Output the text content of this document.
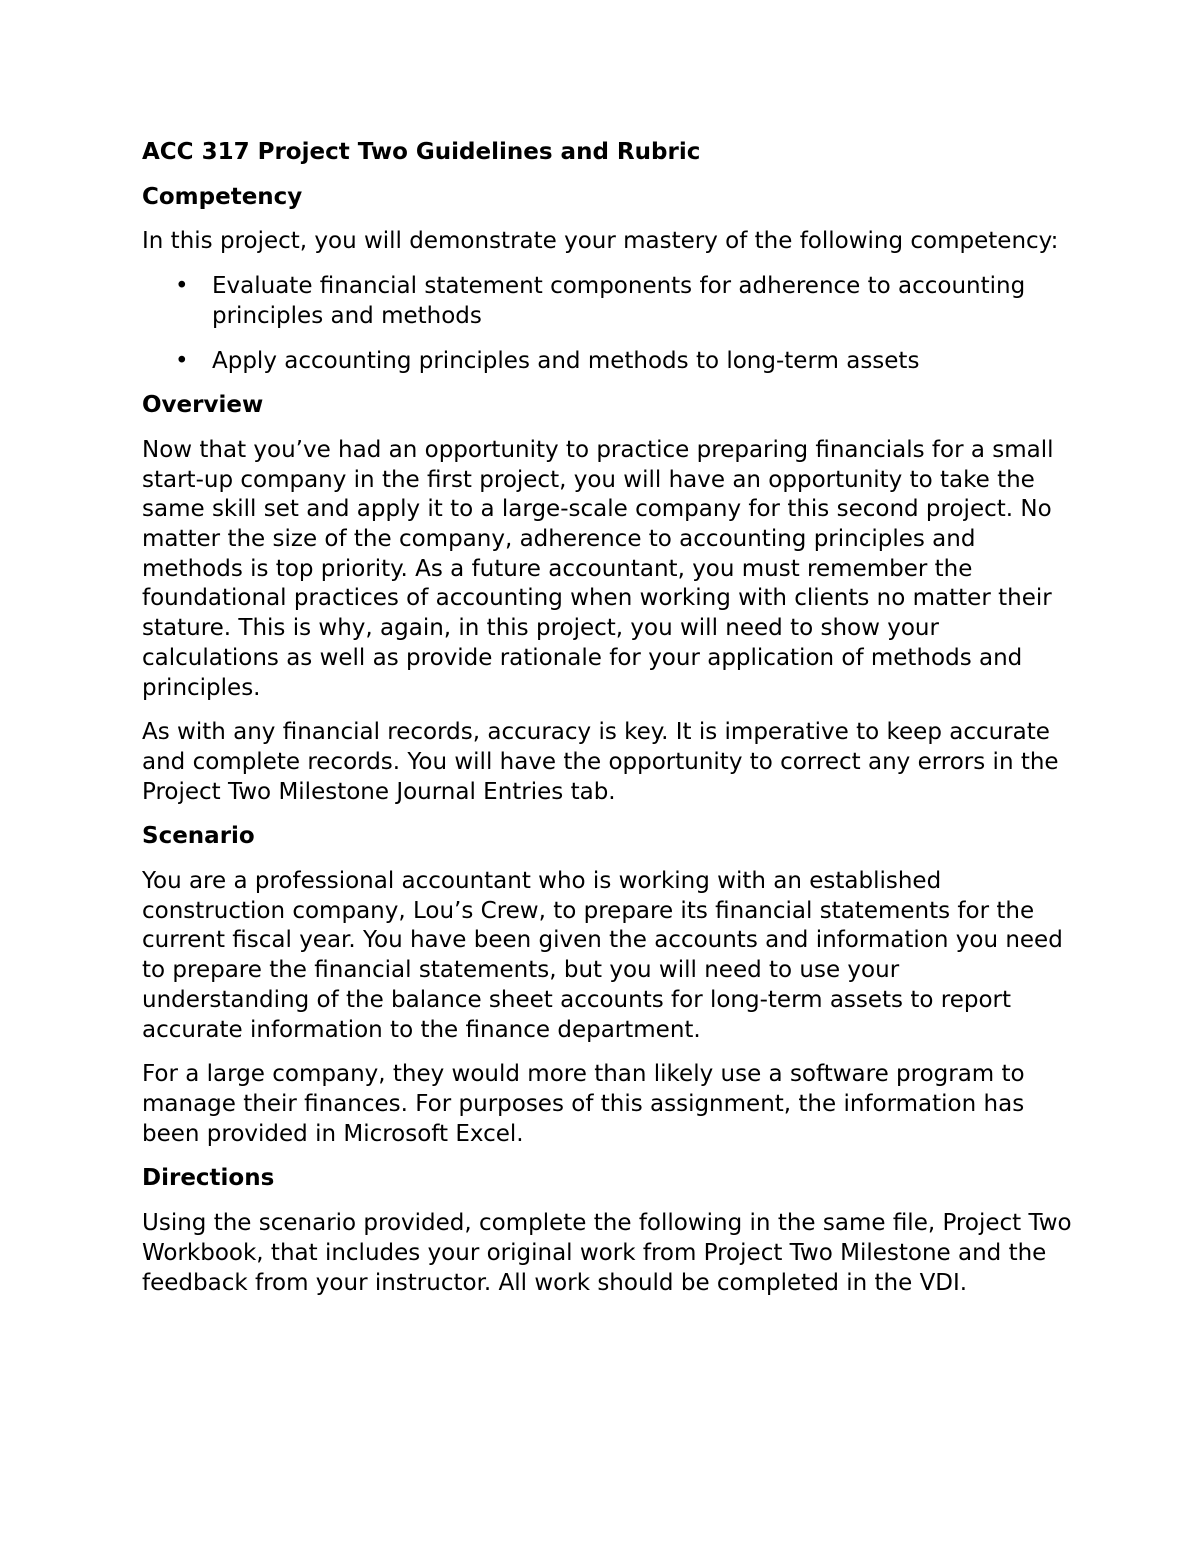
ACC 317 Project Two Guidelines and Rubric
Competency

In this project, you will demonstrate your mastery of the following competency:

• Evaluate financial statement components for adherence to accounting principles and methods
• Apply accounting principles and methods to long-term assets
Overview

Now that you’ve had an opportunity to practice preparing financials for a small start-up company in the first project, you will have an opportunity to take the same skill set and apply it to a large-scale company for this second project. No matter the size of the company, adherence to accounting principles and methods is top priority. As a future accountant, you must remember the foundational practices of accounting when working with clients no matter their stature. This is why, again, in this project, you will need to show your calculations as well as provide rationale for your application of methods and principles.

As with any financial records, accuracy is key. It is imperative to keep accurate and complete records. You will have the opportunity to correct any errors in the Project Two Milestone Journal Entries tab.

Scenario

You are a professional accountant who is working with an established construction company, Lou’s Crew, to prepare its financial statements for the current fiscal year. You have been given the accounts and information you need to prepare the financial statements, but you will need to use your understanding of the balance sheet accounts for long-term assets to report accurate information to the finance department.

For a large company, they would more than likely use a software program to manage their finances. For purposes of this assignment, the information has been provided in Microsoft Excel.

Directions

Using the scenario provided, complete the following in the same file, Project Two Workbook, that includes your original work from Project Two Milestone and the feedback from your instructor. All work should be completed in the VDI.
